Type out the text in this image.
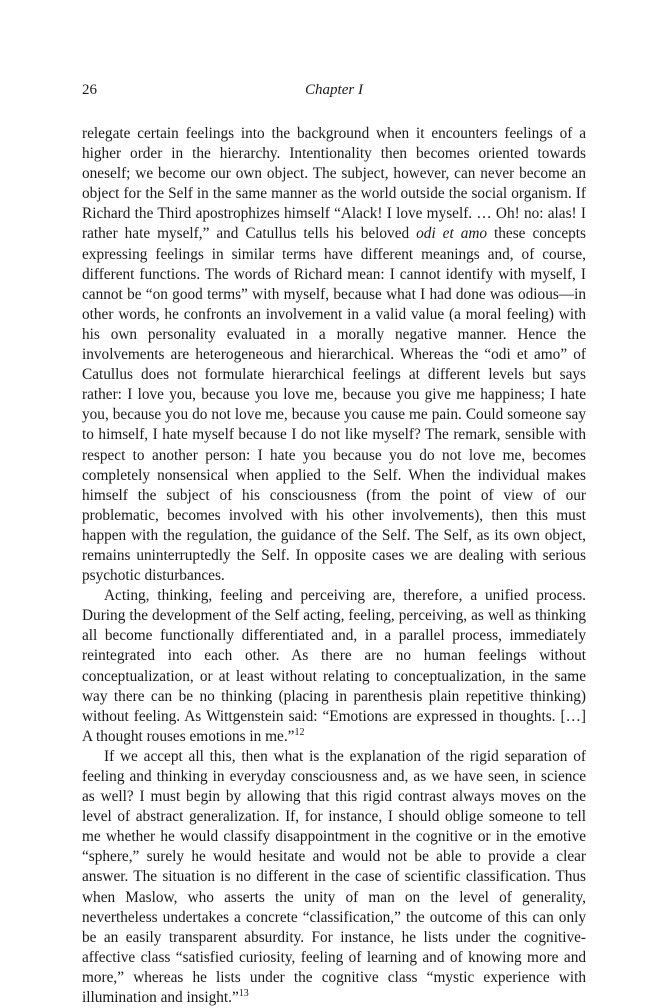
26	Chapter I

relegate certain feelings into the background when it encounters feelings of a higher order in the hierarchy. Intentionality then becomes oriented towards oneself; we become our own object. The subject, however, can never become an object for the Self in the same manner as the world outside the social organism. If Richard the Third apostrophizes himself “Alack! I love myself. … Oh! no: alas! I rather hate myself,” and Catullus tells his beloved odi et amo these concepts expressing feelings in similar terms have different meanings and, of course, different functions. The words of Richard mean: I cannot identify with myself, I cannot be “on good terms” with myself, because what I had done was odious—in other words, he confronts an involvement in a valid value (a moral feeling) with his own personality evaluated in a morally negative manner. Hence the involvements are heterogeneous and hierarchical. Whereas the “odi et amo” of Catullus does not formulate hierarchical feelings at different levels but says rather: I love you, because you love me, because you give me happiness; I hate you, because you do not love me, because you cause me pain. Could someone say to himself, I hate myself because I do not like myself? The remark, sensible with respect to another person: I hate you because you do not love me, becomes completely nonsensical when applied to the Self. When the individual makes himself the subject of his consciousness (from the point of view of our problematic, becomes involved with his other involvements), then this must happen with the regulation, the guidance of the Self. The Self, as its own object, remains uninterruptedly the Self. In opposite cases we are dealing with serious psychotic disturbances.

Acting, thinking, feeling and perceiving are, therefore, a unified process. During the development of the Self acting, feeling, perceiving, as well as thinking all become functionally differentiated and, in a parallel process, immediately reintegrated into each other. As there are no human feelings without conceptualization, or at least without relating to conceptualization, in the same way there can be no thinking (placing in parenthesis plain repetitive thinking) without feeling. As Wittgenstein said: “Emotions are expressed in thoughts. […] A thought rouses emotions in me.”$^{12}$

If we accept all this, then what is the explanation of the rigid separation of feeling and thinking in everyday consciousness and, as we have seen, in science as well? I must begin by allowing that this rigid contrast always moves on the level of abstract generalization. If, for instance, I should oblige someone to tell me whether he would classify disappointment in the cognitive or in the emotive “sphere,” surely he would hesitate and would not be able to provide a clear answer. The situation is no different in the case of scientific classification. Thus when Maslow, who asserts the unity of man on the level of generality, nevertheless undertakes a concrete “classification,” the outcome of this can only be an easily transparent absurdity. For instance, he lists under the cognitive-affective class “satisfied curiosity, feeling of learning and of knowing more and more,” whereas he lists under the cognitive class “mystic experience with illumination and insight.”$^{13}$
